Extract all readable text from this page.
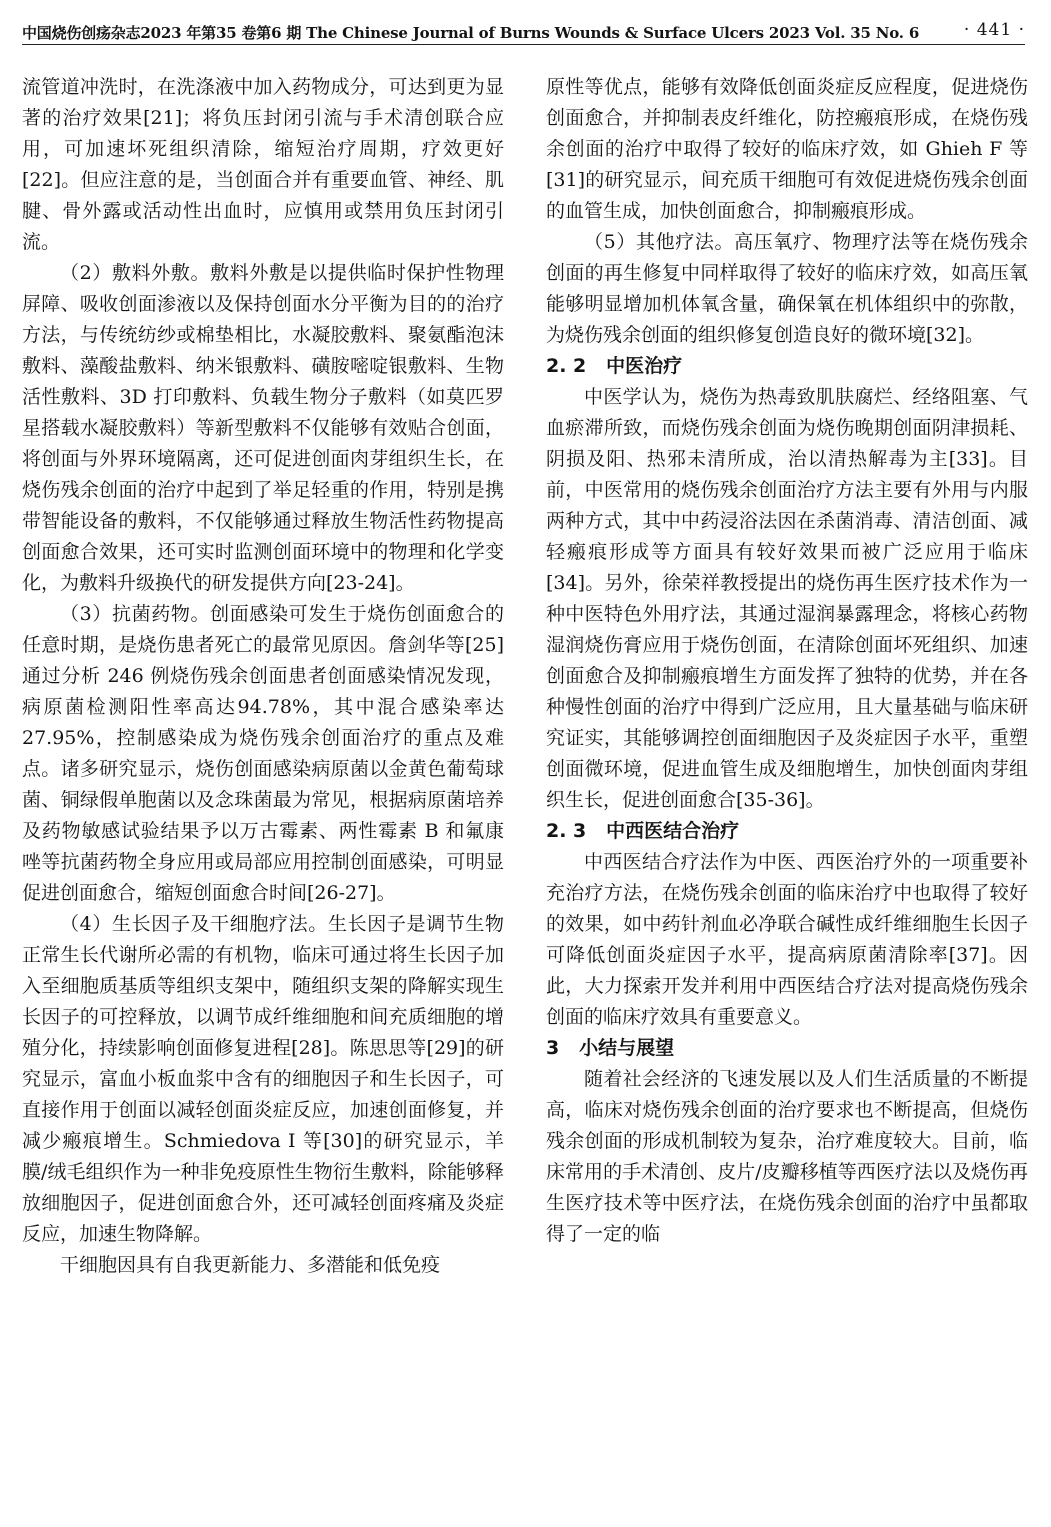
中国烧伤创疡杂志2023 年第35 卷第6 期 The Chinese Journal of Burns Wounds & Surface Ulcers 2023 Vol. 35 No. 6	· 441 ·

流管道冲洗时，在洗涤液中加入药物成分，可达到更为显著的治疗效果[21]；将负压封闭引流与手术清创联合应用，可加速坏死组织清除，缩短治疗周期，疗效更好[22]。但应注意的是，当创面合并有重要血管、神经、肌腱、骨外露或活动性出血时，应慎用或禁用负压封闭引流。

（2）敷料外敷。敷料外敷是以提供临时保护性物理屏障、吸收创面渗液以及保持创面水分平衡为目的的治疗方法，与传统纺纱或棉垫相比，水凝胶敷料、聚氨酯泡沫敷料、藻酸盐敷料、纳米银敷料、磺胺嘧啶银敷料、生物活性敷料、3D 打印敷料、负载生物分子敷料（如莫匹罗星搭载水凝胶敷料）等新型敷料不仅能够有效贴合创面，将创面与外界环境隔离，还可促进创面肉芽组织生长，在烧伤残余创面的治疗中起到了举足轻重的作用，特别是携带智能设备的敷料，不仅能够通过释放生物活性药物提高创面愈合效果，还可实时监测创面环境中的物理和化学变化，为敷料升级换代的研发提供方向[23-24]。

（3）抗菌药物。创面感染可发生于烧伤创面愈合的任意时期，是烧伤患者死亡的最常见原因。詹剑华等[25]通过分析 246 例烧伤残余创面患者创面感染情况发现，病原菌检测阳性率高达94.78%，其中混合感染率达 27.95%，控制感染成为烧伤残余创面治疗的重点及难点。诸多研究显示，烧伤创面感染病原菌以金黄色葡萄球菌、铜绿假单胞菌以及念珠菌最为常见，根据病原菌培养及药物敏感试验结果予以万古霉素、两性霉素 B 和氟康唑等抗菌药物全身应用或局部应用控制创面感染，可明显促进创面愈合，缩短创面愈合时间[26-27]。

（4）生长因子及干细胞疗法。生长因子是调节生物正常生长代谢所必需的有机物，临床可通过将生长因子加入至细胞质基质等组织支架中，随组织支架的降解实现生长因子的可控释放，以调节成纤维细胞和间充质细胞的增殖分化，持续影响创面修复进程[28]。陈思思等[29]的研究显示，富血小板血浆中含有的细胞因子和生长因子，可直接作用于创面以减轻创面炎症反应，加速创面修复，并减少瘢痕增生。Schmiedova I 等[30]的研究显示，羊膜/绒毛组织作为一种非免疫原性生物衍生敷料，除能够释放细胞因子，促进创面愈合外，还可减轻创面疼痛及炎症反应，加速生物降解。

干细胞因具有自我更新能力、多潜能和低免疫

原性等优点，能够有效降低创面炎症反应程度，促进烧伤创面愈合，并抑制表皮纤维化，防控瘢痕形成，在烧伤残余创面的治疗中取得了较好的临床疗效，如 Ghieh F 等[31]的研究显示，间充质干细胞可有效促进烧伤残余创面的血管生成，加快创面愈合，抑制瘢痕形成。

（5）其他疗法。高压氧疗、物理疗法等在烧伤残余创面的再生修复中同样取得了较好的临床疗效，如高压氧能够明显增加机体氧含量，确保氧在机体组织中的弥散，为烧伤残余创面的组织修复创造良好的微环境[32]。

2. 2   中医治疗

中医学认为，烧伤为热毒致肌肤腐烂、经络阻塞、气血瘀滞所致，而烧伤残余创面为烧伤晚期创面阴津损耗、阴损及阳、热邪未清所成，治以清热解毒为主[33]。目前，中医常用的烧伤残余创面治疗方法主要有外用与内服两种方式，其中中药浸浴法因在杀菌消毒、清洁创面、减轻瘢痕形成等方面具有较好效果而被广泛应用于临床[34]。另外，徐荣祥教授提出的烧伤再生医疗技术作为一种中医特色外用疗法，其通过湿润暴露理念，将核心药物湿润烧伤膏应用于烧伤创面，在清除创面坏死组织、加速创面愈合及抑制瘢痕增生方面发挥了独特的优势，并在各种慢性创面的治疗中得到广泛应用，且大量基础与临床研究证实，其能够调控创面细胞因子及炎症因子水平，重塑创面微环境，促进血管生成及细胞增生，加快创面肉芽组织生长，促进创面愈合[35-36]。

2. 3   中西医结合治疗

中西医结合疗法作为中医、西医治疗外的一项重要补充治疗方法，在烧伤残余创面的临床治疗中也取得了较好的效果，如中药针剂血必净联合碱性成纤维细胞生长因子可降低创面炎症因子水平，提高病原菌清除率[37]。因此，大力探索开发并利用中西医结合疗法对提高烧伤残余创面的临床疗效具有重要意义。

3   小结与展望

随着社会经济的飞速发展以及人们生活质量的不断提高，临床对烧伤残余创面的治疗要求也不断提高，但烧伤残余创面的形成机制较为复杂，治疗难度较大。目前，临床常用的手术清创、皮片/皮瓣移植等西医疗法以及烧伤再生医疗技术等中医疗法，在烧伤残余创面的治疗中虽都取得了一定的临
